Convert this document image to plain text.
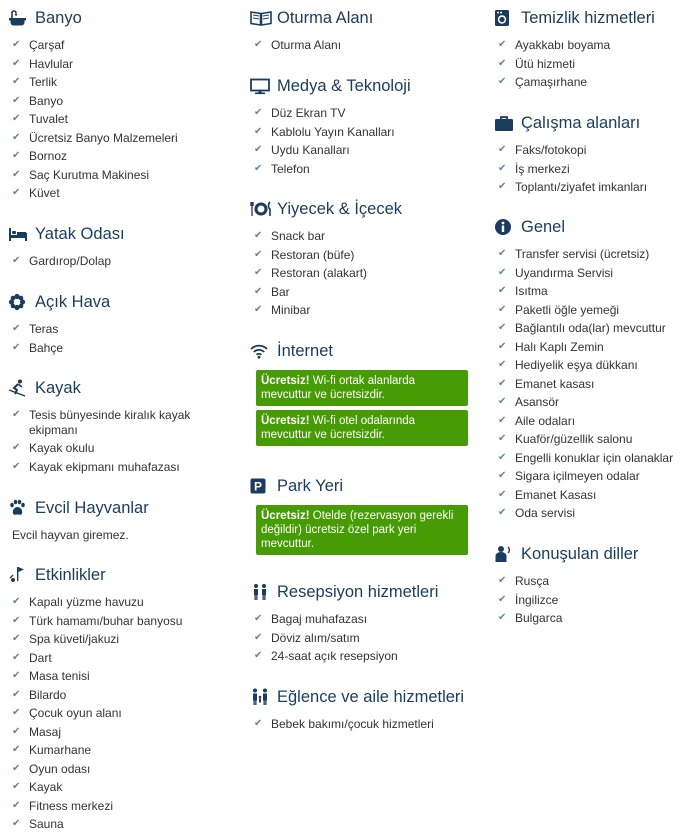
Banyo
✔ Çarşaf
✔ Havlular
✔ Terlik
✔ Banyo
✔ Tuvalet
✔ Ücretsiz Banyo Malzemeleri
✔ Bornoz
✔ Saç Kurutma Makinesi
✔ Küvet
Yatak Odası
✔ Gardırop/Dolap
Açık Hava
✔ Teras
✔ Bahçe
Kayak
✔ Tesis bünyesinde kiralık kayak ekipmanı
✔ Kayak okulu
✔ Kayak ekipmanı muhafazası
Evcil Hayvanlar
Evcil hayvan giremez.
Etkinlikler
✔ Kapalı yüzme havuzu
✔ Türk hamamı/buhar banyosu
✔ Spa küveti/jakuzi
✔ Dart
✔ Masa tenisi
✔ Bilardo
✔ Çocuk oyun alanı
✔ Masaj
✔ Kumarhane
✔ Oyun odası
✔ Kayak
✔ Fitness merkezi
✔ Sauna
Oturma Alanı
✔ Oturma Alanı
Medya & Teknoloji
✔ Düz Ekran TV
✔ Kablolu Yayın Kanalları
✔ Uydu Kanalları
✔ Telefon
Yiyecek & İçecek
✔ Snack bar
✔ Restoran (büfe)
✔ Restoran (alakart)
✔ Bar
✔ Minibar
İnternet
Ücretsiz! Wi-fi ortak alanlarda mevcuttur ve ücretsizdir.
Ücretsiz! Wi-fi otel odalarında mevcuttur ve ücretsizdir.
P Park Yeri
Ücretsiz! Otelde (rezervasyon gerekli değildir) ücretsiz özel park yeri mevcuttur.
Resepsiyon hizmetleri
✔ Bagaj muhafazası
✔ Döviz alım/satım
✔ 24-saat açık resepsiyon
Eğlence ve aile hizmetleri
✔ Bebek bakımı/çocuk hizmetleri
Temizlik hizmetleri
✔ Ayakkabı boyama
✔ Ütü hizmeti
✔ Çamaşırhane
Çalışma alanları
✔ Faks/fotokopi
✔ İş merkezi
✔ Toplantı/ziyafet imkanları
Genel
✔ Transfer servisi (ücretsiz)
✔ Uyandırma Servisi
✔ Isıtma
✔ Paketli öğle yemeği
✔ Bağlantılı oda(lar) mevcuttur
✔ Halı Kaplı Zemin
✔ Hediyelik eşya dükkanı
✔ Emanet kasası
✔ Asansör
✔ Aile odaları
✔ Kuaför/güzellik salonu
✔ Engelli konuklar için olanaklar
✔ Sigara içilmeyen odalar
✔ Emanet Kasası
✔ Oda servisi
Konuşulan diller
✔ Rusça
✔ İngilizce
✔ Bulgarca
